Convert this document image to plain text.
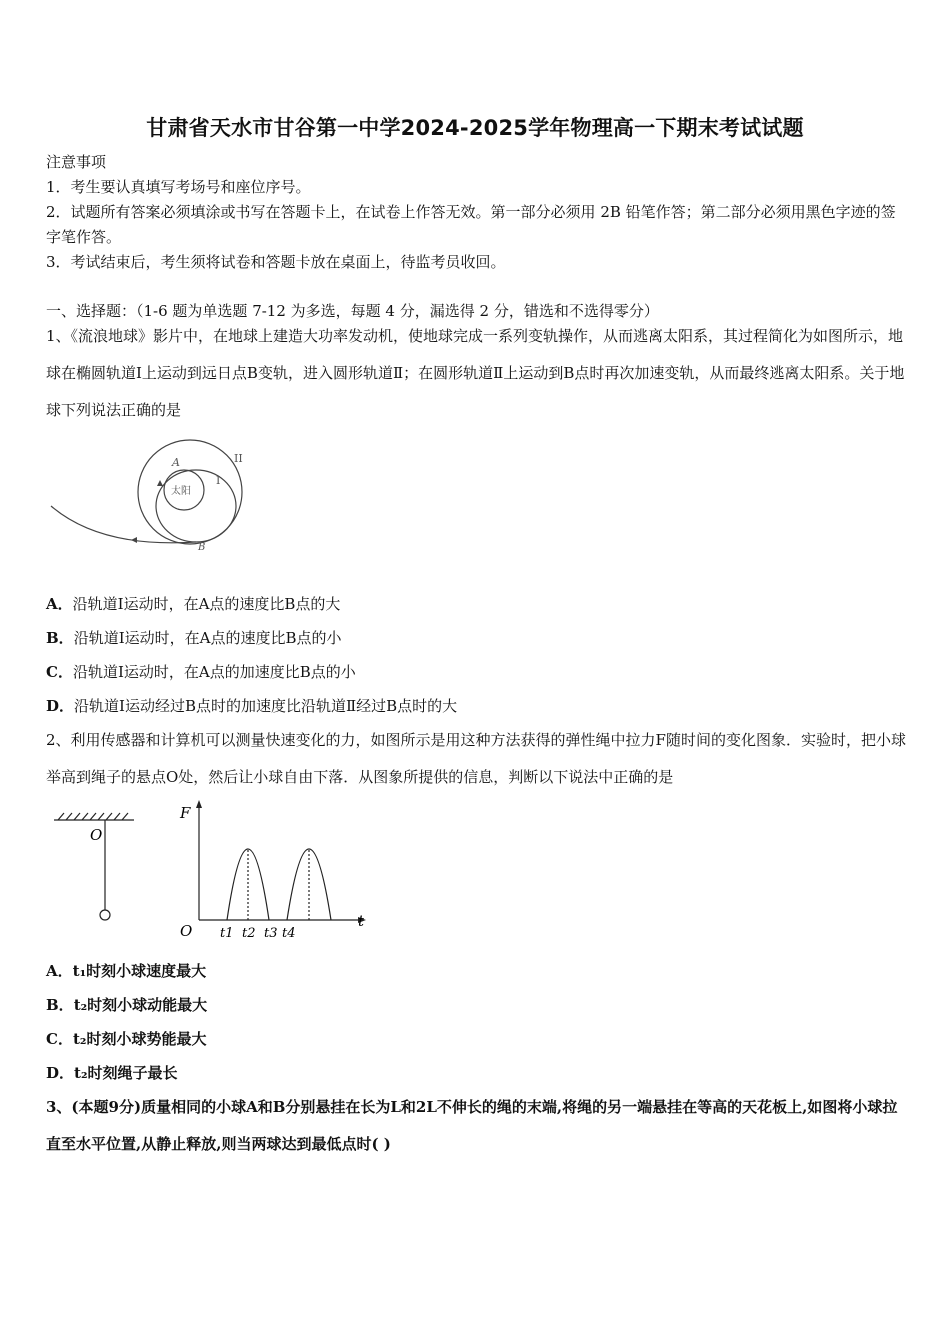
甘肃省天水市甘谷第一中学2024-2025学年物理高一下期末考试试题
注意事项
1．考生要认真填写考场号和座位序号。
2．试题所有答案必须填涂或书写在答题卡上，在试卷上作答无效。第一部分必须用 2B 铅笔作答；第二部分必须用黑色字迹的签字笔作答。
3．考试结束后，考生须将试卷和答题卡放在桌面上，待监考员收回。
一、选择题：（1-6 题为单选题 7-12 为多选，每题 4 分，漏选得 2 分，错选和不选得零分）
1、《流浪地球》影片中，在地球上建造大功率发动机，使地球完成一系列变轨操作，从而逃离太阳系，其过程简化为如图所示，地球在椭圆轨道Ⅰ上运动到远日点B变轨，进入圆形轨道Ⅱ；在圆形轨道Ⅱ上运动到B点时再次加速变轨，从而最终逃离太阳系。关于地球下列说法正确的是
太阳
A
B
I
II
A．沿轨道Ⅰ运动时，在A点的速度比B点的大
B．沿轨道Ⅰ运动时，在A点的速度比B点的小
C．沿轨道Ⅰ运动时，在A点的加速度比B点的小
D．沿轨道Ⅰ运动经过B点时的加速度比沿轨道Ⅱ经过B点时的大
2、利用传感器和计算机可以测量快速变化的力，如图所示是用这种方法获得的弹性绳中拉力F随时间的变化图象．实验时，把小球举高到绳子的悬点O处，然后让小球自由下落．从图象所提供的信息，判断以下说法中正确的是
O
F
O
t
t1 t2 t3 t4
A．t₁时刻小球速度最大
B．t₂时刻小球动能最大
C．t₂时刻小球势能最大
D．t₂时刻绳子最长
3、(本题9分)质量相同的小球A和B分别悬挂在长为L和2L不伸长的绳的末端,将绳的另一端悬挂在等高的天花板上,如图将小球拉直至水平位置,从静止释放,则当两球达到最低点时( )
